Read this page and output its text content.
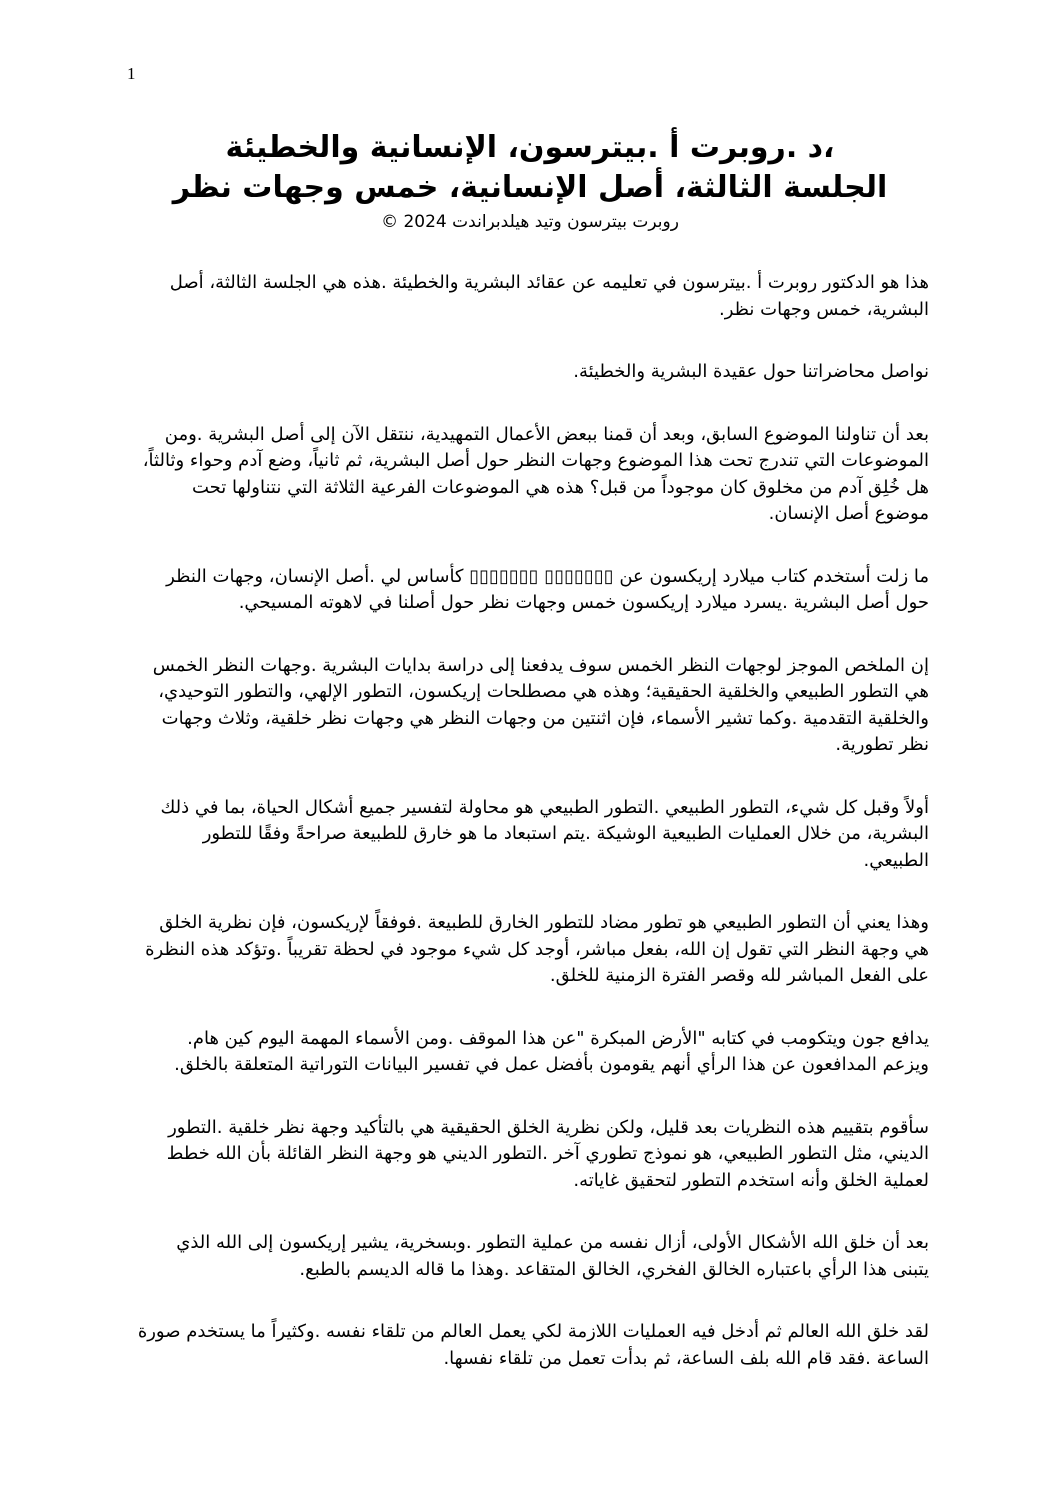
1
،د .روبرت أ .بيترسون، الإنسانية والخطيئة
الجلسة الثالثة، أصل الإنسانية، خمس وجهات نظر
روبرت بيترسون وتيد هيلدبراندت 2024 ©

هذا هو الدكتور روبرت أ .بيترسون في تعليمه عن عقائد البشرية والخطيئة .هذه هي الجلسة الثالثة، أصل البشرية، خمس وجهات نظر.

نواصل محاضراتنا حول عقيدة البشرية والخطيئة.

بعد أن تناولنا الموضوع السابق، وبعد أن قمنا ببعض الأعمال التمهيدية، ننتقل الآن إلى أصل البشرية .ومن الموضوعات التي تندرج تحت هذا الموضوع وجهات النظر حول أصل البشرية، ثم ثانياً، وضع آدم وحواء وثالثاً، هل خُلِق آدم من مخلوق كان موجوداً من قبل؟ هذه هي الموضوعات الفرعية الثلاثة التي نتناولها تحت موضوع أصل الإنسان.

ما زلت أستخدم كتاب ميلارد إريكسون عن ▯▯▯▯▯▯▯ ▯▯▯▯▯▯▯ كأساس لي .أصل الإنسان، وجهات النظر حول أصل البشرية .يسرد ميلارد إريكسون خمس وجهات نظر حول أصلنا في لاهوته المسيحي.

إن الملخص الموجز لوجهات النظر الخمس سوف يدفعنا إلى دراسة بدايات البشرية .وجهات النظر الخمس هي التطور الطبيعي والخلقية الحقيقية؛ وهذه هي مصطلحات إريكسون، التطور الإلهي، والتطور التوحيدي، والخلقية التقدمية .وكما تشير الأسماء، فإن اثنتين من وجهات النظر هي وجهات نظر خلقية، وثلاث وجهات نظر تطورية.

أولاً وقبل كل شيء، التطور الطبيعي .التطور الطبيعي هو محاولة لتفسير جميع أشكال الحياة، بما في ذلك البشرية، من خلال العمليات الطبيعية الوشيكة .يتم استبعاد ما هو خارق للطبيعة صراحةً وفقًا للتطور الطبيعي.

وهذا يعني أن التطور الطبيعي هو تطور مضاد للتطور الخارق للطبيعة .فوفقاً لإريكسون، فإن نظرية الخلق هي وجهة النظر التي تقول إن الله، بفعل مباشر، أوجد كل شيء موجود في لحظة تقريباً .وتؤكد هذه النظرة على الفعل المباشر لله وقصر الفترة الزمنية للخلق.

يدافع جون ويتكومب في كتابه "الأرض المبكرة "عن هذا الموقف .ومن الأسماء المهمة اليوم كين هام. ويزعم المدافعون عن هذا الرأي أنهم يقومون بأفضل عمل في تفسير البيانات التوراتية المتعلقة بالخلق.

سأقوم بتقييم هذه النظريات بعد قليل، ولكن نظرية الخلق الحقيقية هي بالتأكيد وجهة نظر خلقية .التطور الديني، مثل التطور الطبيعي، هو نموذج تطوري آخر .التطور الديني هو وجهة النظر القائلة بأن الله خطط لعملية الخلق وأنه استخدم التطور لتحقيق غاياته.

بعد أن خلق الله الأشكال الأولى، أزال نفسه من عملية التطور .وبسخرية، يشير إريكسون إلى الله الذي يتبنى هذا الرأي باعتباره الخالق الفخري، الخالق المتقاعد .وهذا ما قاله الديسم بالطبع.

لقد خلق الله العالم ثم أدخل فيه العمليات اللازمة لكي يعمل العالم من تلقاء نفسه .وكثيراً ما يستخدم صورة الساعة .فقد قام الله بلف الساعة، ثم بدأت تعمل من تلقاء نفسها.
